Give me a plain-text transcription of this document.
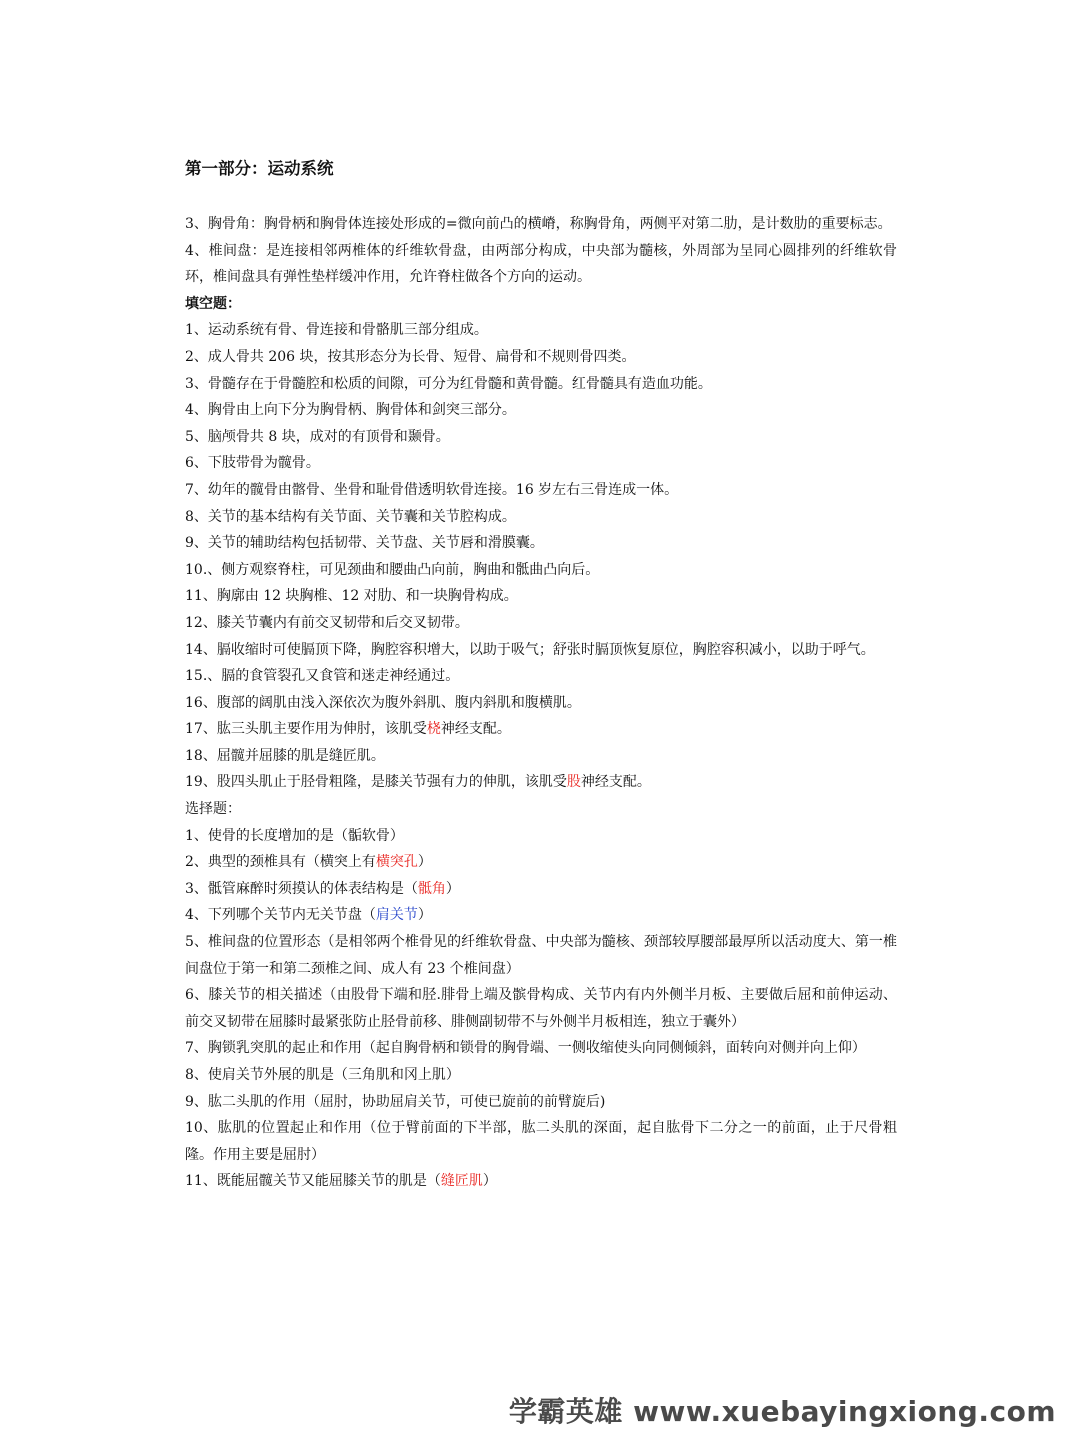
第一部分：运动系统

3、胸骨角：胸骨柄和胸骨体连接处形成的=微向前凸的横嵴，称胸骨角，两侧平对第二肋，是计数肋的重要标志。

4、椎间盘：是连接相邻两椎体的纤维软骨盘，由两部分构成，中央部为髓核，外周部为呈同心圆排列的纤维软骨环，椎间盘具有弹性垫样缓冲作用，允许脊柱做各个方向的运动。

填空题：

1、运动系统有骨、骨连接和骨骼肌三部分组成。

2、成人骨共 206 块，按其形态分为长骨、短骨、扁骨和不规则骨四类。

3、骨髓存在于骨髓腔和松质的间隙，可分为红骨髓和黄骨髓。红骨髓具有造血功能。

4、胸骨由上向下分为胸骨柄、胸骨体和剑突三部分。

5、脑颅骨共 8 块，成对的有顶骨和颞骨。

6、下肢带骨为髋骨。

7、幼年的髋骨由髂骨、坐骨和耻骨借透明软骨连接。16 岁左右三骨连成一体。

8、关节的基本结构有关节面、关节囊和关节腔构成。

9、关节的辅助结构包括韧带、关节盘、关节唇和滑膜囊。

10.、侧方观察脊柱，可见颈曲和腰曲凸向前，胸曲和骶曲凸向后。

11、胸廓由 12 块胸椎、12 对肋、和一块胸骨构成。

12、膝关节囊内有前交叉韧带和后交叉韧带。

14、膈收缩时可使膈顶下降，胸腔容积增大，以助于吸气；舒张时膈顶恢复原位，胸腔容积减小，以助于呼气。

15.、膈的食管裂孔又食管和迷走神经通过。

16、腹部的阔肌由浅入深依次为腹外斜肌、腹内斜肌和腹横肌。

17、肱三头肌主要作用为伸肘，该肌受桡神经支配。

18、屈髋并屈膝的肌是缝匠肌。

19、股四头肌止于胫骨粗隆，是膝关节强有力的伸肌，该肌受股神经支配。

选择题：

1、使骨的长度增加的是（骺软骨）

2、典型的颈椎具有（横突上有横突孔）

3、骶管麻醉时须摸认的体表结构是（骶角）

4、下列哪个关节内无关节盘（肩关节）

5、椎间盘的位置形态（是相邻两个椎骨见的纤维软骨盘、中央部为髓核、颈部较厚腰部最厚所以活动度大、第一椎间盘位于第一和第二颈椎之间、成人有 23 个椎间盘）

6、膝关节的相关描述（由股骨下端和胫.腓骨上端及髌骨构成、关节内有内外侧半月板、主要做后屈和前伸运动、前交叉韧带在屈膝时最紧张防止胫骨前移、腓侧副韧带不与外侧半月板相连，独立于囊外）

7、胸锁乳突肌的起止和作用（起自胸骨柄和锁骨的胸骨端、一侧收缩使头向同侧倾斜，面转向对侧并向上仰）

8、使肩关节外展的肌是（三角肌和冈上肌）

9、肱二头肌的作用（屈肘，协助屈肩关节，可使已旋前的前臂旋后)

10、肱肌的位置起止和作用（位于臂前面的下半部，肱二头肌的深面，起自肱骨下二分之一的前面，止于尺骨粗隆。作用主要是屈肘）

11、既能屈髋关节又能屈膝关节的肌是（缝匠肌）

学霸英雄 www.xuebayingxiong.com
